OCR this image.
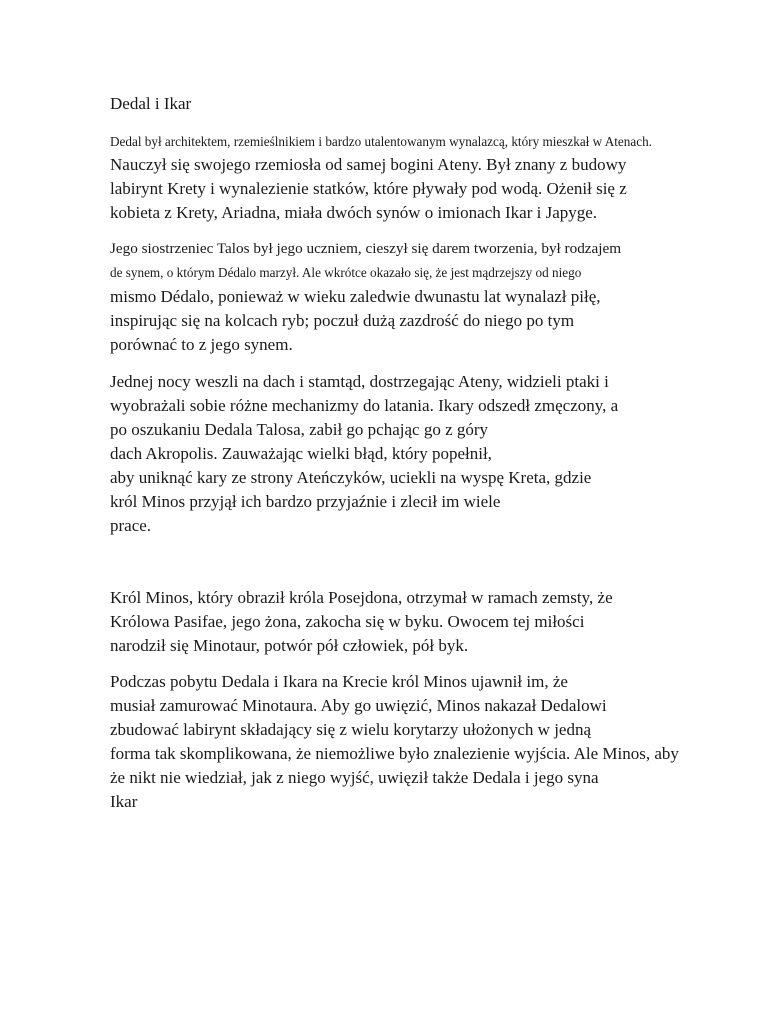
Dedal i Ikar
Dedal był architektem, rzemieślnikiem i bardzo utalentowanym wynalazcą, który mieszkał w Atenach.
Nauczył się swojego rzemiosła od samej bogini Ateny. Był znany z budowy
labirynt Krety i wynalezienie statków, które pływały pod wodą. Ożenił się z
kobieta z Krety, Ariadna, miała dwóch synów o imionach Ikar i Japyge.
Jego siostrzeniec Talos był jego uczniem, cieszył się darem tworzenia, był rodzajem
de synem, o którym Dédalo marzył. Ale wkrótce okazało się, że jest mądrzejszy od niego
mismo Dédalo, ponieważ w wieku zaledwie dwunastu lat wynalazł piłę,
inspirując się na kolcach ryb; poczuł dużą zazdrość do niego po tym
porównać to z jego synem.
Jednej nocy weszli na dach i stamtąd, dostrzegając Ateny, widzieli ptaki i
wyobrażali sobie różne mechanizmy do latania. Ikary odszedł zmęczony, a
po oszukaniu Dedala Talosa, zabił go pchając go z góry
dach Akropolis. Zauważając wielki błąd, który popełnił,
aby uniknąć kary ze strony Ateńczyków, uciekli na wyspę Kreta, gdzie
król Minos przyjął ich bardzo przyjaźnie i zlecił im wiele
prace.
Król Minos, który obraził króla Posejdona, otrzymał w ramach zemsty, że
Królowa Pasifae, jego żona, zakocha się w byku. Owocem tej miłości
narodził się Minotaur, potwór pół człowiek, pół byk.
Podczas pobytu Dedala i Ikara na Krecie król Minos ujawnił im, że
musiał zamurować Minotaura. Aby go uwięzić, Minos nakazał Dedalowi
zbudować labirynt składający się z wielu korytarzy ułożonych w jedną
forma tak skomplikowana, że niemożliwe było znalezienie wyjścia. Ale Minos, aby
że nikt nie wiedział, jak z niego wyjść, uwięził także Dedala i jego syna
Ikar
